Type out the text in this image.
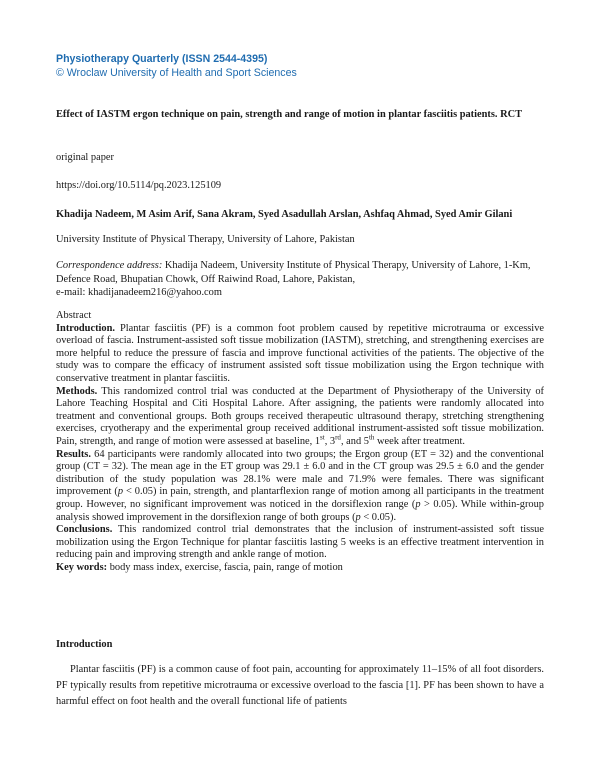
Physiotherapy Quarterly (ISSN 2544-4395)
© Wroclaw University of Health and Sport Sciences
Effect of IASTM ergon technique on pain, strength and range of motion in plantar fasciitis patients. RCT
original paper
https://doi.org/10.5114/pq.2023.125109
Khadija Nadeem, M Asim Arif, Sana Akram, Syed Asadullah Arslan, Ashfaq Ahmad, Syed Amir Gilani
University Institute of Physical Therapy, University of Lahore, Pakistan
Correspondence address: Khadija Nadeem, University Institute of Physical Therapy, University of Lahore, 1-Km, Defence Road, Bhupatian Chowk, Off Raiwind Road, Lahore, Pakistan,
e-mail: khadijanadeem216@yahoo.com

Abstract

Introduction. Plantar fasciitis (PF) is a common foot problem caused by repetitive microtrauma or excessive overload of fascia. Instrument-assisted soft tissue mobilization (IASTM), stretching, and strengthening exercises are more helpful to reduce the pressure of fascia and improve functional activities of the patients. The objective of the study was to compare the efficacy of instrument assisted soft tissue mobilization using the Ergon technique with conservative treatment in plantar fasciitis.

Methods. This randomized control trial was conducted at the Department of Physiotherapy of the University of Lahore Teaching Hospital and Citi Hospital Lahore. After assigning, the patients were randomly allocated into treatment and conventional groups. Both groups received therapeutic ultrasound therapy, stretching strengthening exercises, cryotherapy and the experimental group received additional instrument-assisted soft tissue mobilization. Pain, strength, and range of motion were assessed at baseline, 1st, 3rd, and 5th week after treatment.

Results. 64 participants were randomly allocated into two groups; the Ergon group (ET = 32) and the conventional group (CT = 32). The mean age in the ET group was 29.1 ± 6.0 and in the CT group was 29.5 ± 6.0 and the gender distribution of the study population was 28.1% were male and 71.9% were females. There was significant improvement (p < 0.05) in pain, strength, and plantarflexion range of motion among all participants in the treatment group. However, no significant improvement was noticed in the dorsiflexion range (p > 0.05). While within-group analysis showed improvement in the dorsiflexion range of both groups (p < 0.05).

Conclusions. This randomized control trial demonstrates that the inclusion of instrument-assisted soft tissue mobilization using the Ergon Technique for plantar fasciitis lasting 5 weeks is an effective treatment intervention in reducing pain and improving strength and ankle range of motion.

Key words: body mass index, exercise, fascia, pain, range of motion

Introduction

Plantar fasciitis (PF) is a common cause of foot pain, accounting for approximately 11–15% of all foot disorders. PF typically results from repetitive microtrauma or excessive overload to the fascia [1]. PF has been shown to have a harmful effect on foot health and the overall functional life of patients
